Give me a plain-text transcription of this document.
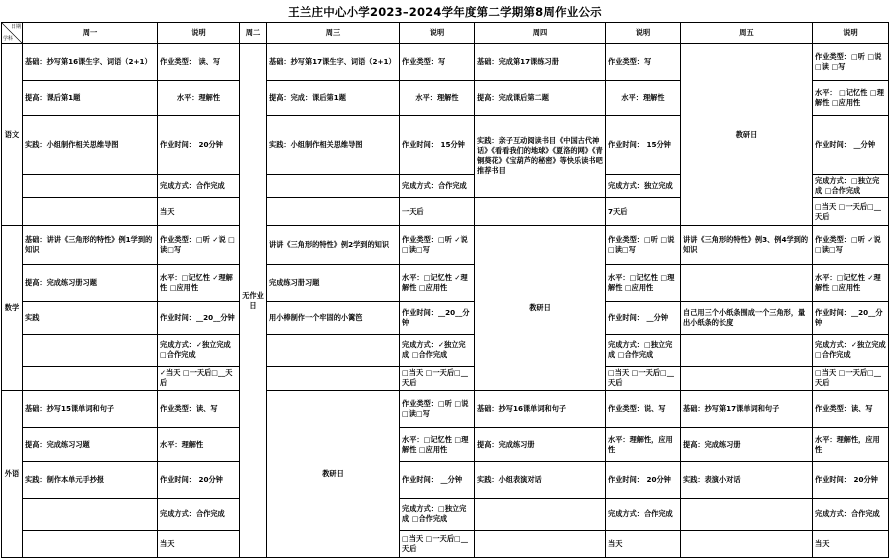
王兰庄中心小学2023–2024学年度第二学期第8周作业公示
日期
学科	周一	说明	周二	周三	说明	周四	说明	周五	说明
语文	基础：抄写第16课生字、词语（2+1）	作业类型： 读、写	无作业日	基础：抄写第17课生字、词语（2+1）	作业类型：写	基础：完成第17课练习册	作业类型：写	教研日	作业类型：□听 □说 □读 □写
	提高：课后第1题	水平：理解性		提高：完成：课后第1题	水平：理解性	提高：完成课后第二题	水平：理解性		水平： □记忆性 □理解性 □应用性
	实践：小组制作相关思维导图	作业时间： 20分钟		实践：小组制作相关思维导图	作业时间： 15分钟	实践：亲子互动阅读书目《中国古代神话》《看看我们的地球》《夏洛的网》《青铜葵花》《宝葫芦的秘密》等快乐读书吧推荐书目	作业时间： 15分钟		作业时间： __分钟
		完成方式：合作完成			完成方式：合作完成		完成方式：独立完成		完成方式：□独立完成 □合作完成
		当天			一天后		7天后		□当天 □一天后□__天后
数学	基础：讲讲《三角形的特性》例1学到的知识	作业类型：□听 ✓说 □读□写		讲讲《三角形的特性》例2学到的知识	作业类型：□听 ✓说 □读□写	教研日	作业类型：□听 □说 □读□写	讲讲《三角形的特性》例3、例4学到的知识	作业类型：□听 ✓说 □读□写
	提高：完成练习册习题	水平：□记忆性 ✓理解性 □应用性		完成练习册习题	水平：□记忆性 ✓理解性 □应用性		水平：□记忆性 □理解性 □应用性		水平：□记忆性 ✓理解性 □应用性
	实践	作业时间：__20__分钟		用小棒制作一个牢固的小篱笆	作业时间：__20__分钟		作业时间： __分钟	自己用三个小纸条围成一个三角形，量出小纸条的长度	作业时间：__20__分钟
		完成方式：✓独立完成 □合作完成			完成方式：✓独立完成 □合作完成		完成方式：□独立完成 □合作完成		完成方式：✓独立完成 □合作完成
		✓当天 □一天后□__天后			□当天 □一天后□__天后		□当天 □一天后□__天后		□当天 □一天后□__天后
外语	基础：抄写15课单词和句子	作业类型：读、写		教研日	作业类型：□听 □说 □读□写	基础：抄写16课单词和句子	作业类型：说、写	基础：抄写第17课单词和句子	作业类型：读、写
	提高：完成练习习题	水平：理解性			水平：□记忆性 □理解性 □应用性	提高：完成练习册	水平：理解性，应用性	提高：完成练习册	水平：理解性，应用性
	实践：制作本单元手抄报	作业时间： 20分钟			作业时间： __分钟	实践：小组表演对话	作业时间： 20分钟	实践：表演小对话	作业时间： 20分钟
		完成方式：合作完成			完成方式：□独立完成 □合作完成		完成方式：合作完成		完成方式：合作完成
		当天			□当天 □一天后□__天后		当天		当天
